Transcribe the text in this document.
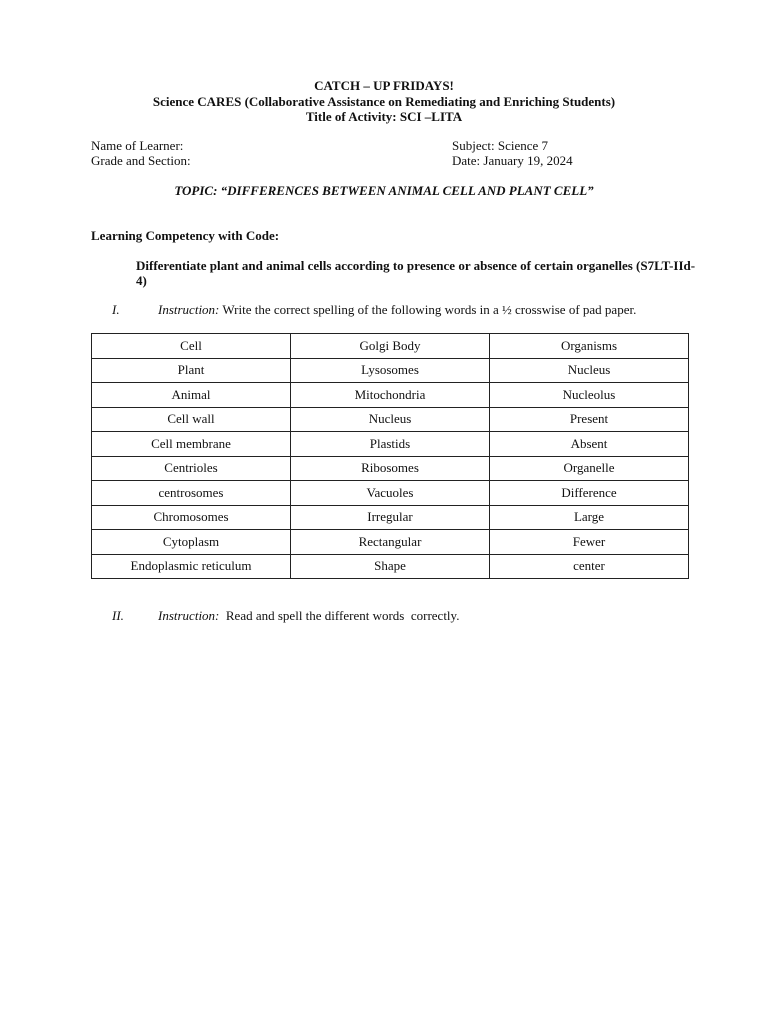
CATCH – UP FRIDAYS!
Science CARES (Collaborative Assistance on Remediating and Enriching Students)
Title of Activity: SCI –LITA
Name of Learner:
Grade and Section:
Subject: Science 7
Date: January 19, 2024
TOPIC: “DIFFERENCES BETWEEN ANIMAL CELL AND PLANT CELL”
Learning Competency with Code:
Differentiate plant and animal cells according to presence or absence of certain organelles (S7LT-IId-4)
I.	Instruction: Write the correct spelling of the following words in a ½ crosswise of pad paper.
Cell	Golgi Body	Organisms
Plant	Lysosomes	Nucleus
Animal	Mitochondria	Nucleolus
Cell wall	Nucleus	Present
Cell membrane	Plastids	Absent
Centrioles	Ribosomes	Organelle
centrosomes	Vacuoles	Difference
Chromosomes	Irregular	Large
Cytoplasm	Rectangular	Fewer
Endoplasmic reticulum	Shape	center
II.	Instruction:  Read and spell the different words  correctly.
